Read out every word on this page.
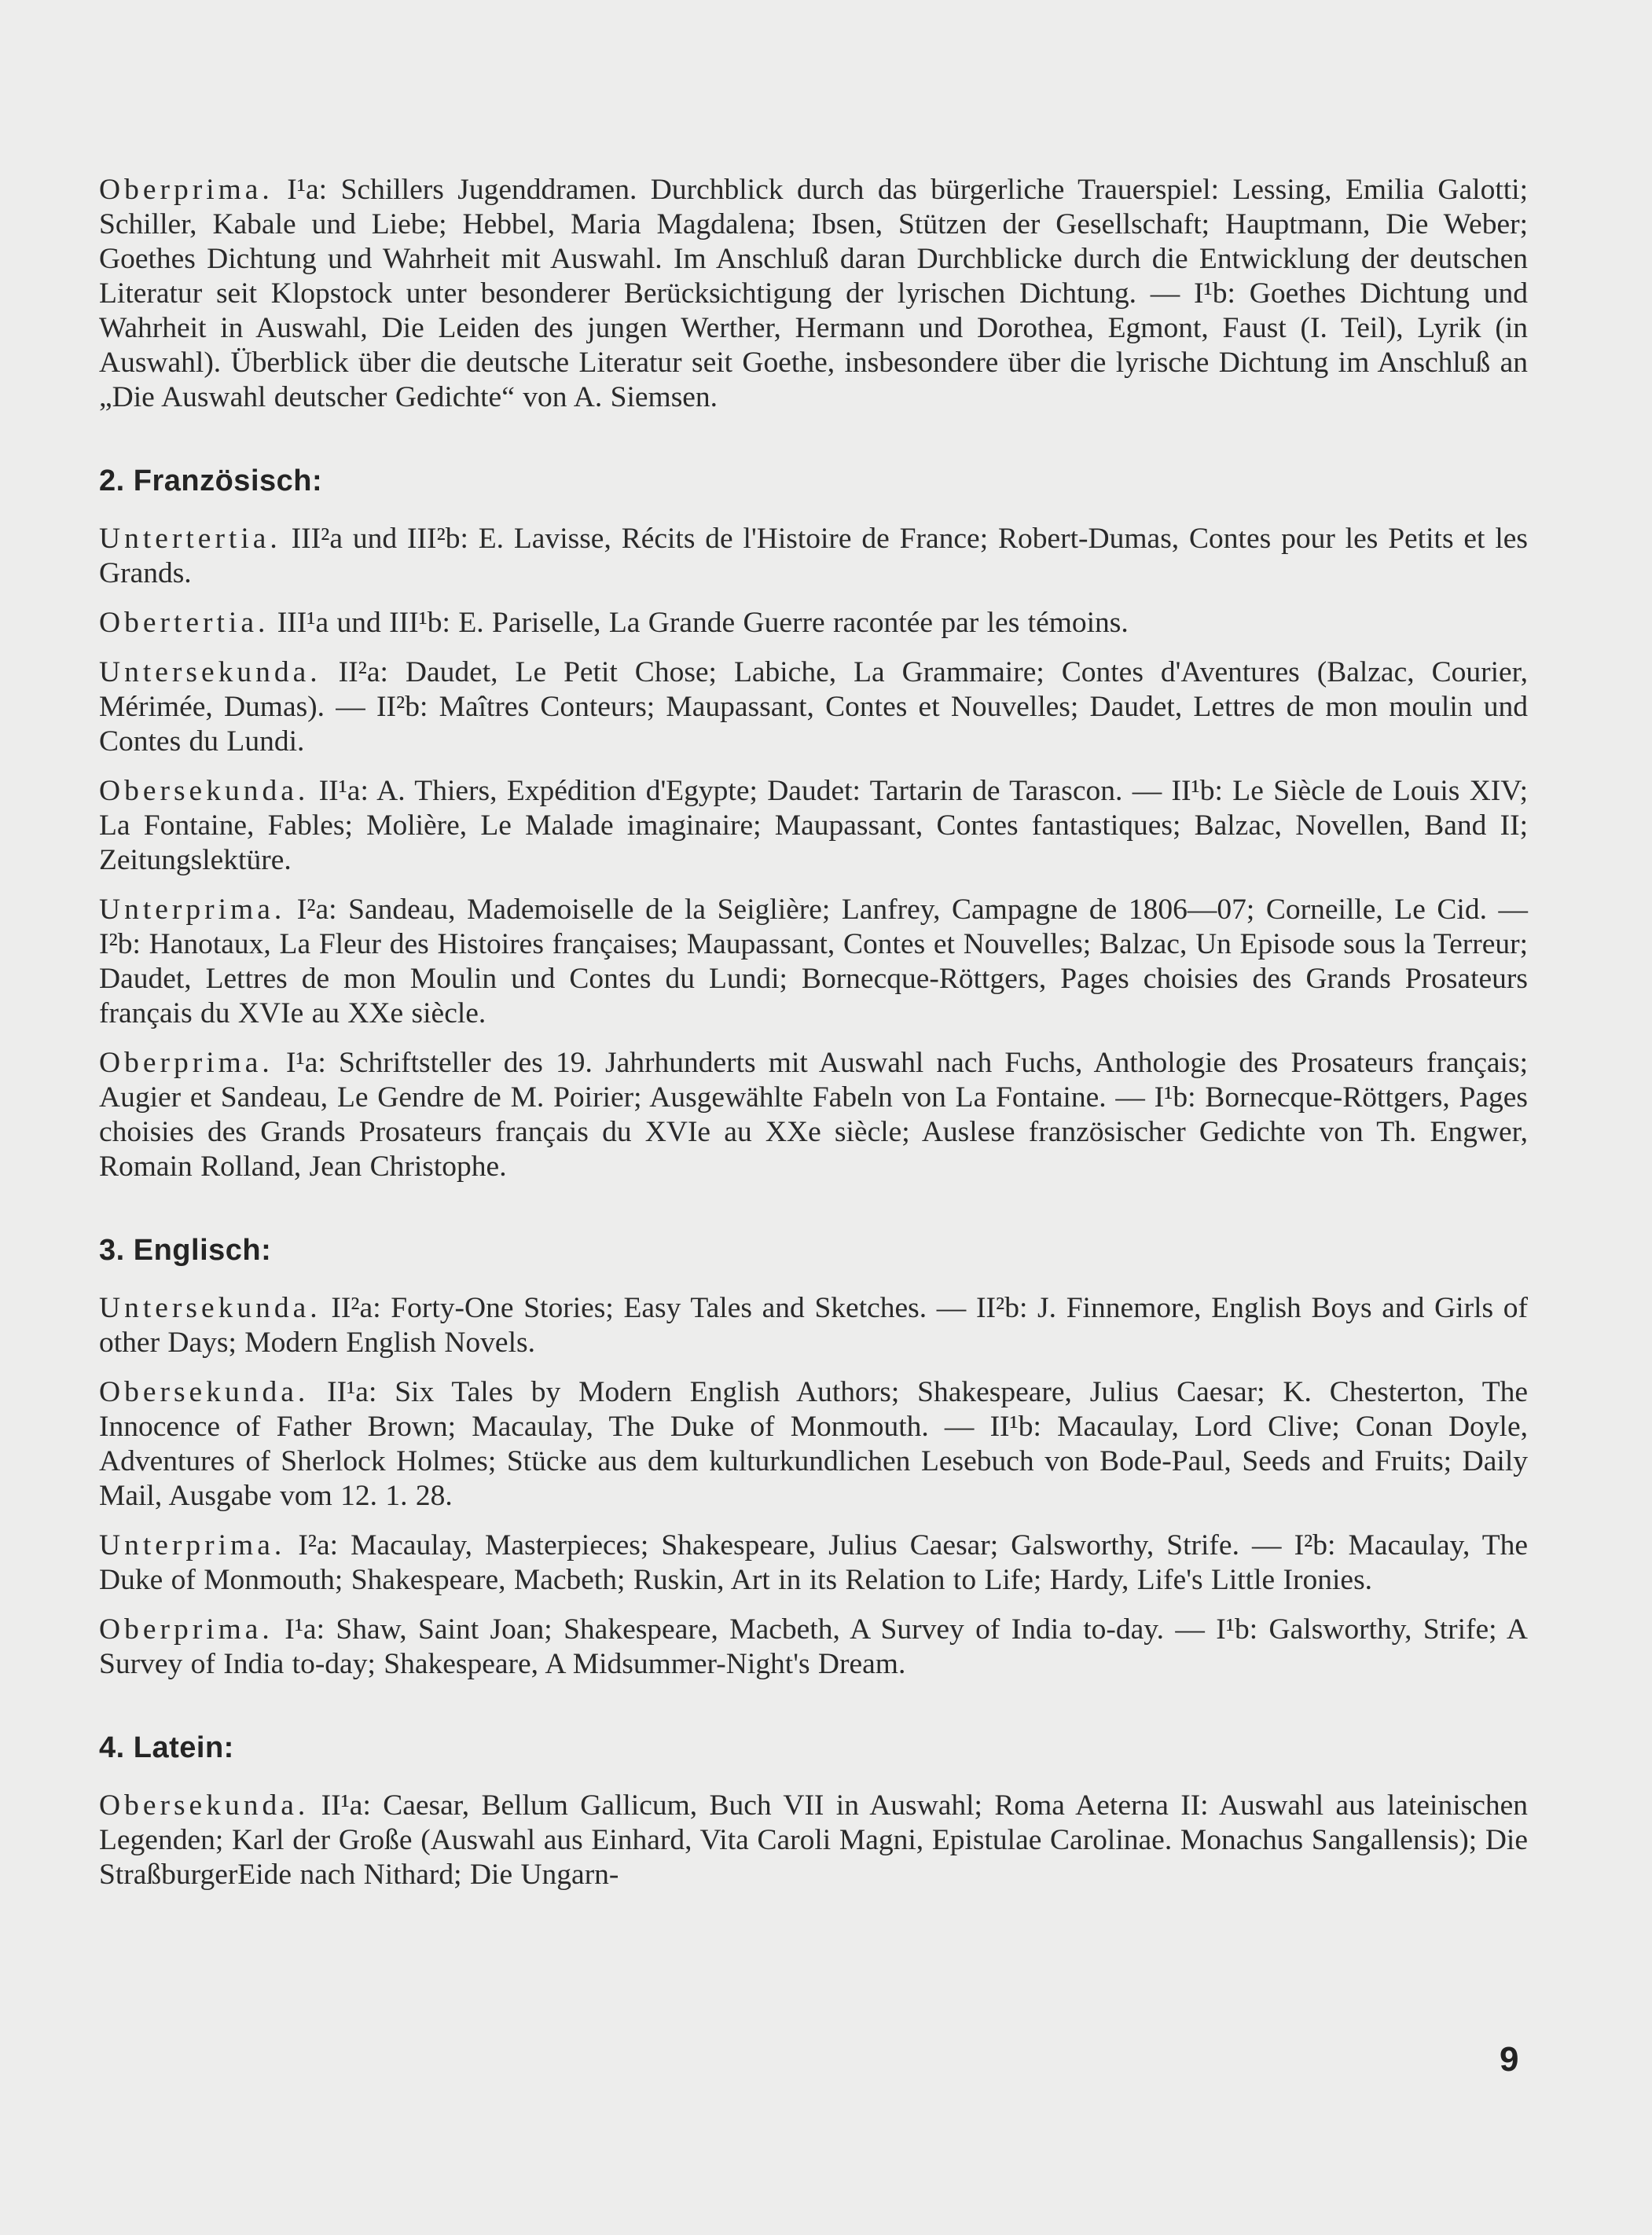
Oberprima. I¹a: Schillers Jugenddramen. Durchblick durch das bürgerliche Trauerspiel: Lessing, Emilia Galotti; Schiller, Kabale und Liebe; Hebbel, Maria Magdalena; Ibsen, Stützen der Gesellschaft; Hauptmann, Die Weber; Goethes Dichtung und Wahrheit mit Auswahl. Im Anschluß daran Durchblicke durch die Entwicklung der deutschen Literatur seit Klopstock unter besonderer Berücksichtigung der lyrischen Dichtung. — I¹b: Goethes Dichtung und Wahrheit in Auswahl, Die Leiden des jungen Werther, Hermann und Dorothea, Egmont, Faust (I. Teil), Lyrik (in Auswahl). Überblick über die deutsche Literatur seit Goethe, insbesondere über die lyrische Dichtung im Anschluß an „Die Auswahl deutscher Gedichte“ von A. Siemsen.

2. Französisch:

Untertertia. III²a und III²b: E. Lavisse, Récits de l'Histoire de France; Robert-Dumas, Contes pour les Petits et les Grands.

Obertertia. III¹a und III¹b: E. Pariselle, La Grande Guerre racontée par les témoins.

Untersekunda. II²a: Daudet, Le Petit Chose; Labiche, La Grammaire; Contes d'Aventures (Balzac, Courier, Mérimée, Dumas). — II²b: Maîtres Conteurs; Maupassant, Contes et Nouvelles; Daudet, Lettres de mon moulin und Contes du Lundi.

Obersekunda. II¹a: A. Thiers, Expédition d'Egypte; Daudet: Tartarin de Tarascon. — II¹b: Le Siècle de Louis XIV; La Fontaine, Fables; Molière, Le Malade imaginaire; Maupassant, Contes fantastiques; Balzac, Novellen, Band II; Zeitungslektüre.

Unterprima. I²a: Sandeau, Mademoiselle de la Seiglière; Lanfrey, Campagne de 1806—07; Corneille, Le Cid. — I²b: Hanotaux, La Fleur des Histoires françaises; Maupassant, Contes et Nouvelles; Balzac, Un Episode sous la Terreur; Daudet, Lettres de mon Moulin und Contes du Lundi; Bornecque-Röttgers, Pages choisies des Grands Prosateurs français du XVIe au XXe siècle.

Oberprima. I¹a: Schriftsteller des 19. Jahrhunderts mit Auswahl nach Fuchs, Anthologie des Prosateurs français; Augier et Sandeau, Le Gendre de M. Poirier; Ausgewählte Fabeln von La Fontaine. — I¹b: Bornecque-Röttgers, Pages choisies des Grands Prosateurs français du XVIe au XXe siècle; Auslese französischer Gedichte von Th. Engwer, Romain Rolland, Jean Christophe.

3. Englisch:

Untersekunda. II²a: Forty-One Stories; Easy Tales and Sketches. — II²b: J. Finnemore, English Boys and Girls of other Days; Modern English Novels.

Obersekunda. II¹a: Six Tales by Modern English Authors; Shakespeare, Julius Caesar; K. Chesterton, The Innocence of Father Brown; Macaulay, The Duke of Monmouth. — II¹b: Macaulay, Lord Clive; Conan Doyle, Adventures of Sherlock Holmes; Stücke aus dem kulturkundlichen Lesebuch von Bode-Paul, Seeds and Fruits; Daily Mail, Ausgabe vom 12. 1. 28.

Unterprima. I²a: Macaulay, Masterpieces; Shakespeare, Julius Caesar; Galsworthy, Strife. — I²b: Macaulay, The Duke of Monmouth; Shakespeare, Macbeth; Ruskin, Art in its Relation to Life; Hardy, Life's Little Ironies.

Oberprima. I¹a: Shaw, Saint Joan; Shakespeare, Macbeth, A Survey of India to-day. — I¹b: Galsworthy, Strife; A Survey of India to-day; Shakespeare, A Midsummer-Night's Dream.

4. Latein:

Obersekunda. II¹a: Caesar, Bellum Gallicum, Buch VII in Auswahl; Roma Aeterna II: Auswahl aus lateinischen Legenden; Karl der Große (Auswahl aus Einhard, Vita Caroli Magni, Epistulae Carolinae. Monachus Sangallensis); Die StraßburgerEide nach Nithard; Die Ungarn-

9
